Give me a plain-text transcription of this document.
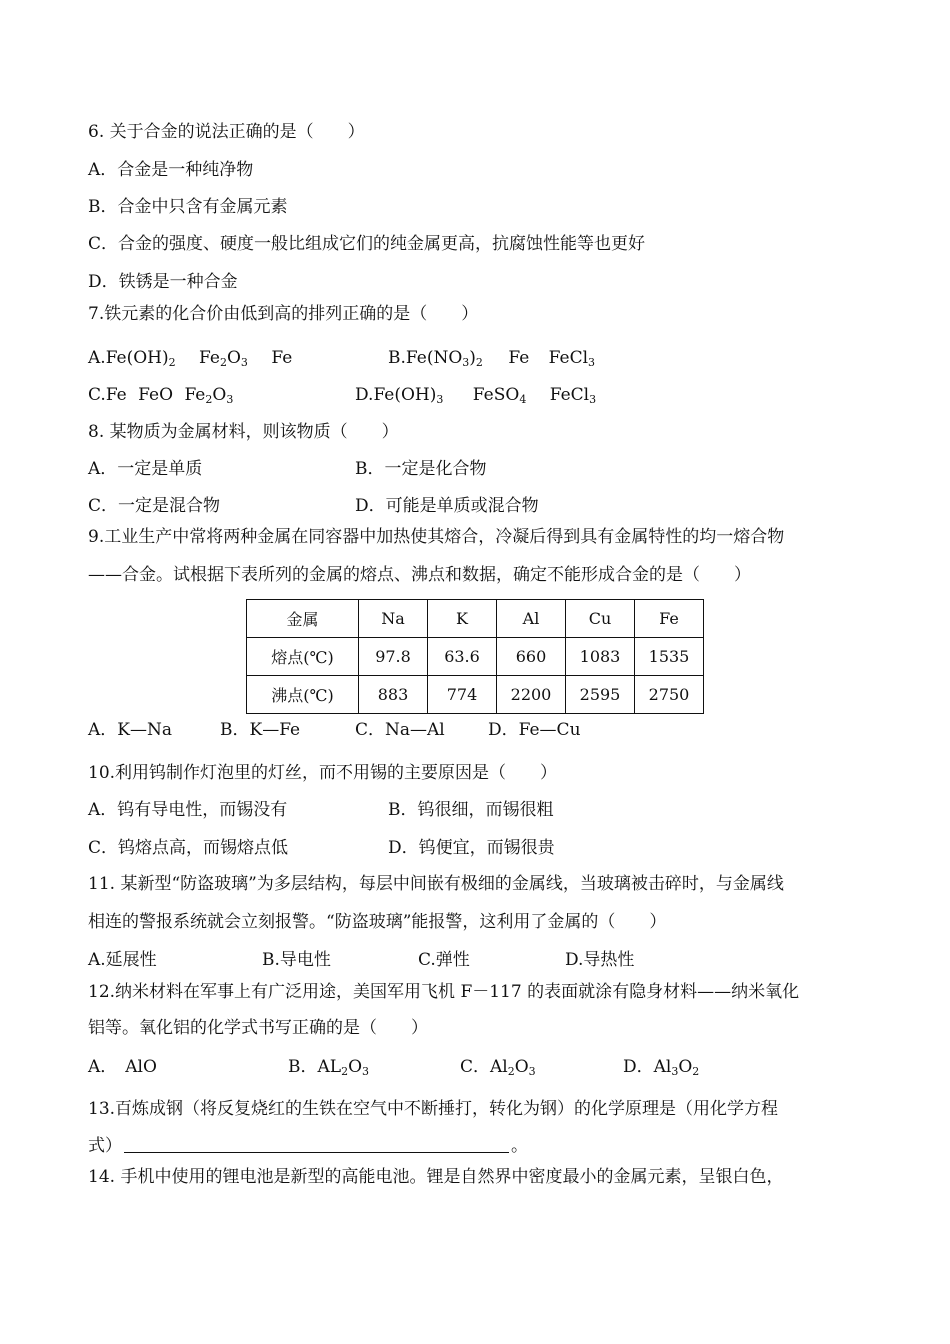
6. 关于合金的说法正确的是（　　）
A．合金是一种纯净物
B．合金中只含有金属元素
C．合金的强度、硬度一般比组成它们的纯金属更高，抗腐蚀性能等也更好
D．铁锈是一种合金
7.铁元素的化合价由低到高的排列正确的是（　　）
$A.Fe(OH)_2$ $Fe_2O_3$ Fe	$B.Fe(NO_3)_2$ Fe FeCl$_3$
C.Fe FeO $Fe_2O_3$	$D.Fe(OH)_3$ FeSO$_4$ FeCl$_3$
8. 某物质为金属材料，则该物质（　　）
A．一定是单质	B．一定是化合物
C．一定是混合物	D．可能是单质或混合物
9.工业生产中常将两种金属在同容器中加热使其熔合，冷凝后得到具有金属特性的均一熔合物
——合金。试根据下表所列的金属的熔点、沸点和数据，确定不能形成合金的是（　　）
金属	Na	K	Al	Cu	Fe
熔点(℃)	97.8	63.6	660	1083	1535
沸点(℃)	883	774	2200	2595	2750
A．K—Na	B．K—Fe	C．Na—Al	D．Fe—Cu
10.利用钨制作灯泡里的灯丝，而不用锡的主要原因是（　　）
A．钨有导电性，而锡没有	B．钨很细，而锡很粗
C．钨熔点高，而锡熔点低	D．钨便宜，而锡很贵
11. 某新型“防盗玻璃”为多层结构，每层中间嵌有极细的金属线，当玻璃被击碎时，与金属线
相连的警报系统就会立刻报警。“防盗玻璃”能报警，这利用了金属的（　　）
A.延展性	B.导电性	C.弹性	D.导热性
12.纳米材料在军事上有广泛用途，美国军用飞机 F－117 的表面就涂有隐身材料——纳米氧化
铝等。氧化铝的化学式书写正确的是（　　）
A． AlO	B．$AL_2O_3$	C．$Al_2O_3$	D．$Al_3O_2$
13.百炼成钢（将反复烧红的生铁在空气中不断捶打，转化为钢）的化学原理是（用化学方程
式）	。
14. 手机中使用的锂电池是新型的高能电池。锂是自然界中密度最小的金属元素，呈银白色，
